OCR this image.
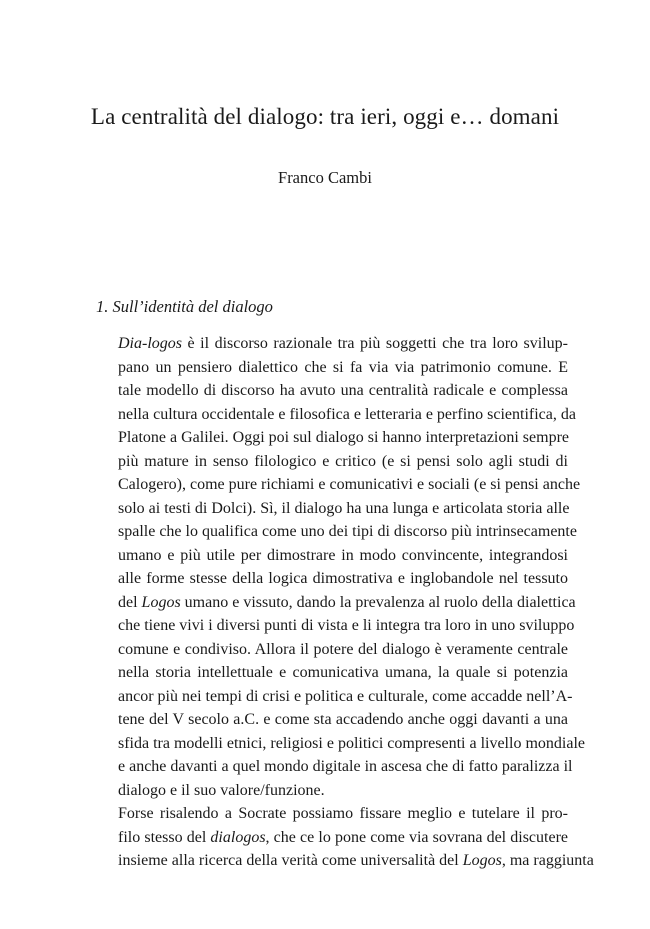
La centralità del dialogo: tra ieri, oggi e… domani
Franco Cambi
1. Sull’identità del dialogo

Dia-logos è il discorso razionale tra più soggetti che tra loro svilup-
pano un pensiero dialettico che si fa via via patrimonio comune. E
tale modello di discorso ha avuto una centralità radicale e complessa
nella cultura occidentale e filosofica e letteraria e perfino scientifica, da
Platone a Galilei. Oggi poi sul dialogo si hanno interpretazioni sempre
più mature in senso filologico e critico (e si pensi solo agli studi di
Calogero), come pure richiami e comunicativi e sociali (e si pensi anche
solo ai testi di Dolci). Sì, il dialogo ha una lunga e articolata storia alle
spalle che lo qualifica come uno dei tipi di discorso più intrinsecamente
umano e più utile per dimostrare in modo convincente, integrandosi
alle forme stesse della logica dimostrativa e inglobandole nel tessuto
del Logos umano e vissuto, dando la prevalenza al ruolo della dialettica
che tiene vivi i diversi punti di vista e li integra tra loro in uno sviluppo
comune e condiviso. Allora il potere del dialogo è veramente centrale
nella storia intellettuale e comunicativa umana, la quale si potenzia
ancor più nei tempi di crisi e politica e culturale, come accadde nell’A-
tene del V secolo a.C. e come sta accadendo anche oggi davanti a una
sfida tra modelli etnici, religiosi e politici compresenti a livello mondiale
e anche davanti a quel mondo digitale in ascesa che di fatto paralizza il
dialogo e il suo valore/funzione.

Forse risalendo a Socrate possiamo fissare meglio e tutelare il pro-
filo stesso del dialogos, che ce lo pone come via sovrana del discutere
insieme alla ricerca della verità come universalità del Logos, ma raggiunta
